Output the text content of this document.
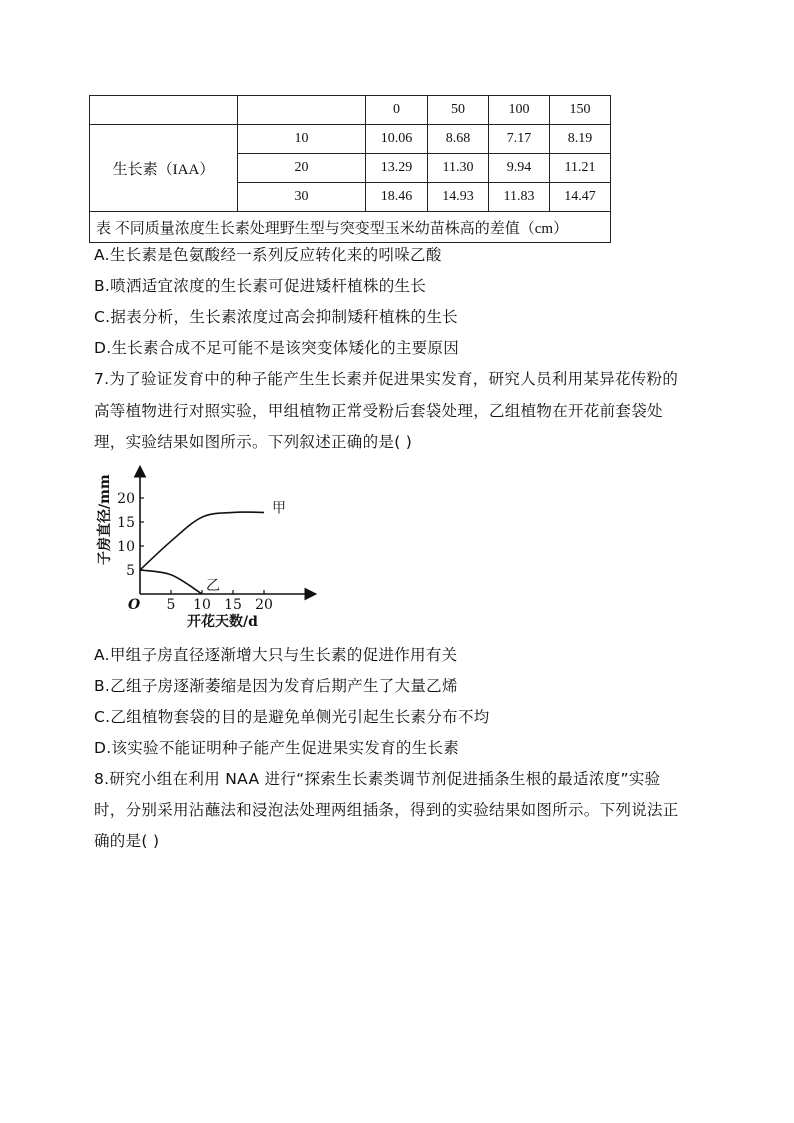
		0	50	100	150
生长素（IAA）	10	10.06	8.68	7.17	8.19
	20	13.29	11.30	9.94	11.21
	30	18.46	14.93	11.83	14.47
表 不同质量浓度生长素处理野生型与突变型玉米幼苗株高的差值（cm）					
A.生长素是色氨酸经一系列反应转化来的吲哚乙酸
B.喷洒适宜浓度的生长素可促进矮杆植株的生长
C.据表分析，生长素浓度过高会抑制矮秆植株的生长
D.生长素合成不足可能不是该突变体矮化的主要原因
7.为了验证发育中的种子能产生生长素并促进果实发育，研究人员利用某异花传粉的
高等植物进行对照实验，甲组植物正常受粉后套袋处理，乙组植物在开花前套袋处
理，实验结果如图所示。下列叙述正确的是( )
5 10 15 20
5
10
15
20
甲
乙
子房直径/mm
开花天数/d
O
A.甲组子房直径逐渐增大只与生长素的促进作用有关
B.乙组子房逐渐萎缩是因为发育后期产生了大量乙烯
C.乙组植物套袋的目的是避免单侧光引起生长素分布不均
D.该实验不能证明种子能产生促进果实发育的生长素
8.研究小组在利用 NAA 进行“探索生长素类调节剂促进插条生根的最适浓度”实验
时，分别采用沾蘸法和浸泡法处理两组插条，得到的实验结果如图所示。下列说法正
确的是( )
